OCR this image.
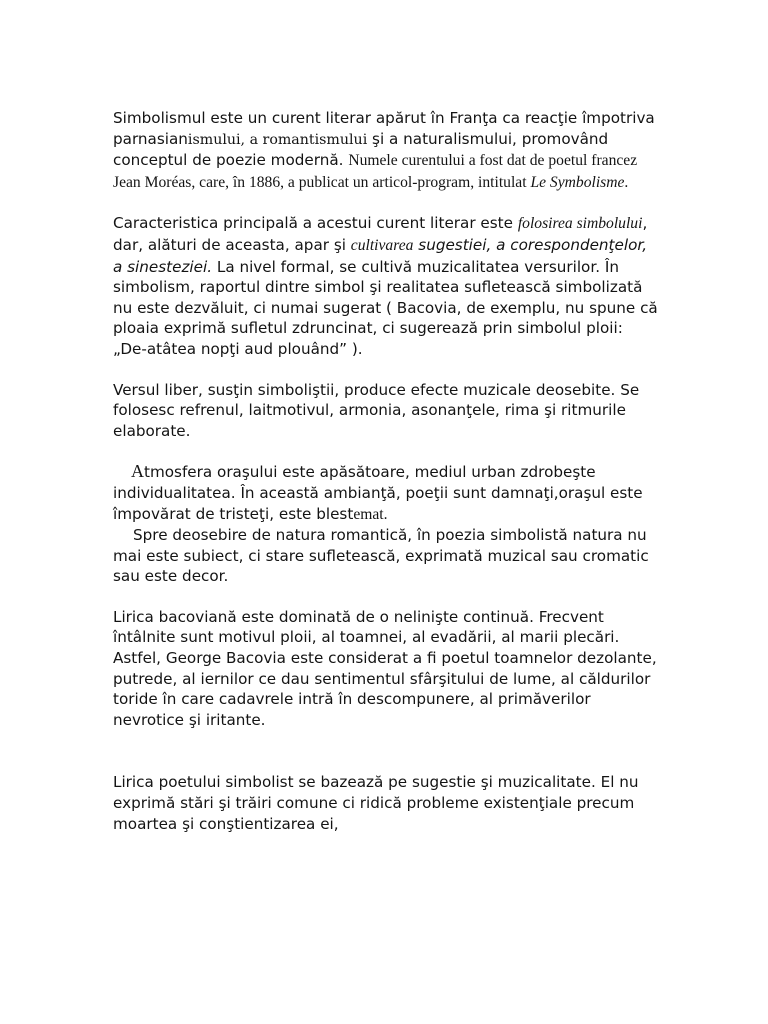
Simbolismul este un curent literar apărut în Franţa ca reacţie împotriva parnasianismului, a romantismului şi a naturalismului, promovând conceptul de poezie modernă. Numele curentului a fost dat de poetul francez Jean Moréas, care, în 1886, a publicat un articol-program, intitulat Le Symbolisme.

Caracteristica principală a acestui curent literar este folosirea simbolului, dar, alături de aceasta, apar şi cultivarea sugestiei, a corespondenţelor, a sinesteziei. La nivel formal, se cultivă muzicalitatea versurilor. În simbolism, raportul dintre simbol şi realitatea sufletească simbolizată nu este dezvăluit, ci numai sugerat ( Bacovia, de exemplu, nu spune că ploaia exprimă sufletul zdruncinat, ci sugerează prin simbolul ploii: „De-atâtea nopţi aud plouând” ).

Versul liber, susţin simboliştii, produce efecte muzicale deosebite. Se folosesc refrenul, laitmotivul, armonia, asonanţele, rima şi ritmurile elaborate.

Atmosfera oraşului este apăsătoare, mediul urban zdrobeşte individualitatea. În această ambianţă, poeţii sunt damnaţi,oraşul este împovărat de tristeţi, este blestemat.

Spre deosebire de natura romantică, în poezia simbolistă natura nu mai este subiect, ci stare sufletească, exprimată muzical sau cromatic sau este decor.

Lirica bacoviană este dominată de o nelinişte continuă. Frecvent întâlnite sunt motivul ploii, al toamnei, al evadării, al marii plecări. Astfel, George Bacovia este considerat a fi poetul toamnelor dezolante, putrede, al iernilor ce dau sentimentul sfârşitului de lume, al căldurilor toride în care cadavrele intră în descompunere, al primăverilor nevrotice şi iritante.

Lirica poetului simbolist se bazează pe sugestie şi muzicalitate. El nu exprimă stări şi trăiri comune ci ridică probleme existenţiale precum moartea şi conştientizarea ei,
